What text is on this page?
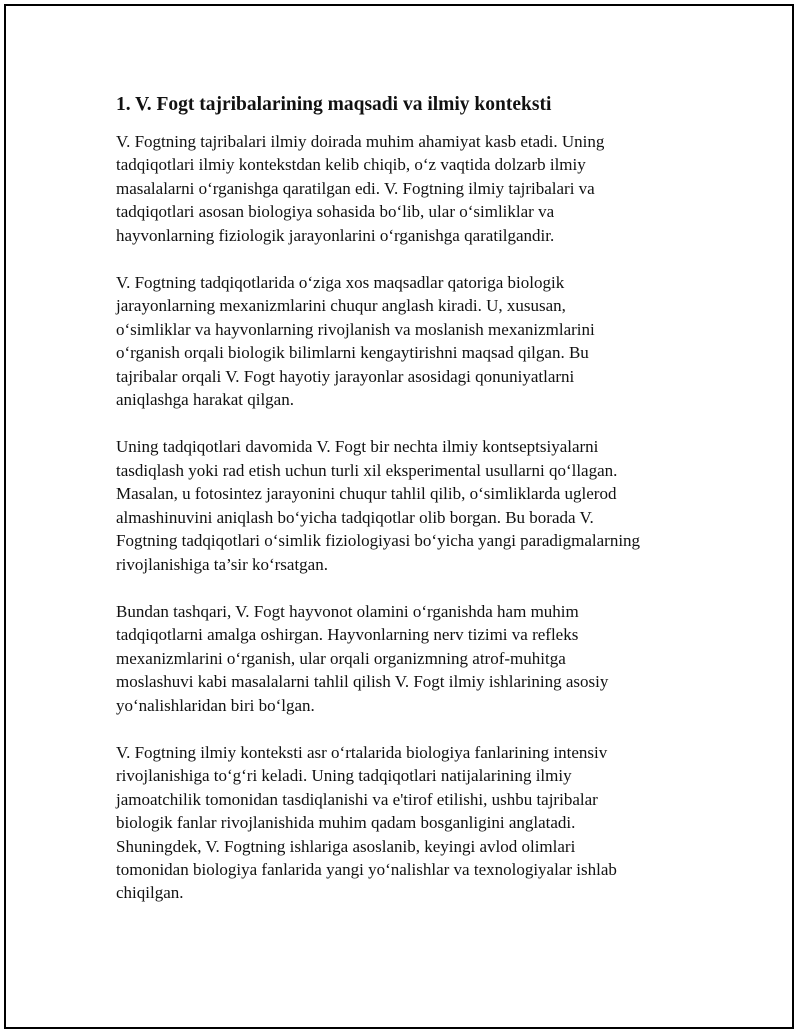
1. V. Fogt tajribalarining maqsadi va ilmiy konteksti

V. Fogtning tajribalari ilmiy doirada muhim ahamiyat kasb etadi. Uning
tadqiqotlari ilmiy kontekstdan kelib chiqib, o‘z vaqtida dolzarb ilmiy
masalalarni o‘rganishga qaratilgan edi. V. Fogtning ilmiy tajribalari va
tadqiqotlari asosan biologiya sohasida bo‘lib, ular o‘simliklar va
hayvonlarning fiziologik jarayonlarini o‘rganishga qaratilgandir.

V. Fogtning tadqiqotlarida o‘ziga xos maqsadlar qatoriga biologik
jarayonlarning mexanizmlarini chuqur anglash kiradi. U, xususan,
o‘simliklar va hayvonlarning rivojlanish va moslanish mexanizmlarini
o‘rganish orqali biologik bilimlarni kengaytirishni maqsad qilgan. Bu
tajribalar orqali V. Fogt hayotiy jarayonlar asosidagi qonuniyatlarni
aniqlashga harakat qilgan.

Uning tadqiqotlari davomida V. Fogt bir nechta ilmiy kontseptsiyalarni
tasdiqlash yoki rad etish uchun turli xil eksperimental usullarni qo‘llagan.
Masalan, u fotosintez jarayonini chuqur tahlil qilib, o‘simliklarda uglerod
almashinuvini aniqlash bo‘yicha tadqiqotlar olib borgan. Bu borada V.
Fogtning tadqiqotlari o‘simlik fiziologiyasi bo‘yicha yangi paradigmalarning
rivojlanishiga ta’sir ko‘rsatgan.

Bundan tashqari, V. Fogt hayvonot olamini o‘rganishda ham muhim
tadqiqotlarni amalga oshirgan. Hayvonlarning nerv tizimi va refleks
mexanizmlarini o‘rganish, ular orqali organizmning atrof-muhitga
moslashuvi kabi masalalarni tahlil qilish V. Fogt ilmiy ishlarining asosiy
yo‘nalishlaridan biri bo‘lgan.

V. Fogtning ilmiy konteksti asr o‘rtalarida biologiya fanlarining intensiv
rivojlanishiga to‘g‘ri keladi. Uning tadqiqotlari natijalarining ilmiy
jamoatchilik tomonidan tasdiqlanishi va e'tirof etilishi, ushbu tajribalar
biologik fanlar rivojlanishida muhim qadam bosganligini anglatadi.
Shuningdek, V. Fogtning ishlariga asoslanib, keyingi avlod olimlari
tomonidan biologiya fanlarida yangi yo‘nalishlar va texnologiyalar ishlab
chiqilgan.
